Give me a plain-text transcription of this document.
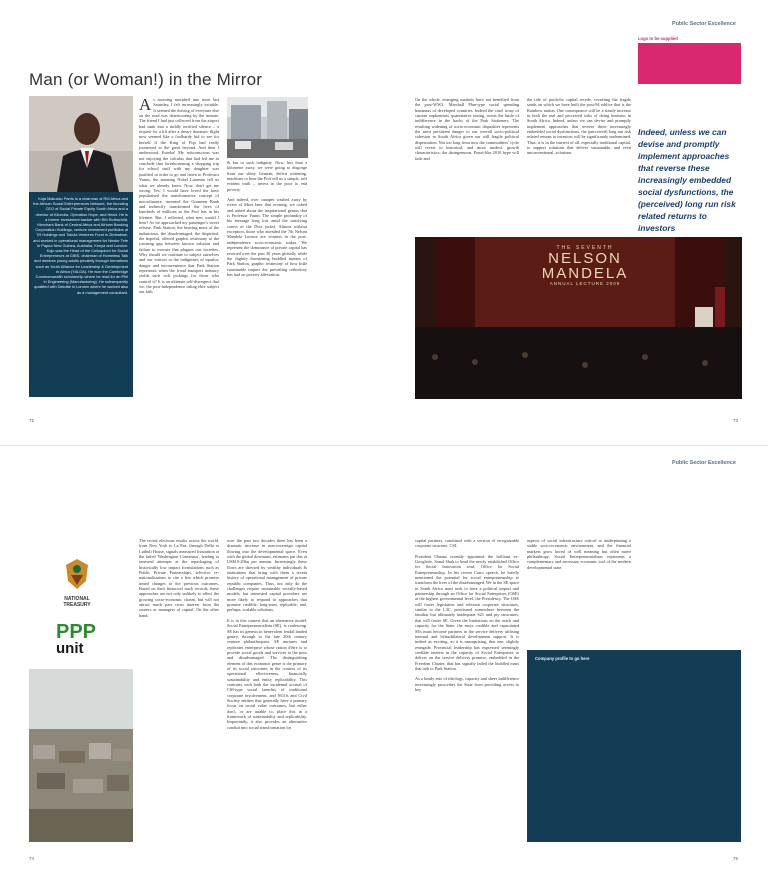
Public Sector Excellence
Logo to be supplied
Man (or Woman!) in the Mirror
Koja Makusko Parris is a chairman of RM Africa and the African Social Entrepreneurs Network, the founding CEO of Social Private Equity South Africa and a director of Kilumba, Operation Hope, and Heart. He is a former investment banker with RM Rothschild, Merchant Bank of Central Africa and African Banking Corporation Holdings, venture investment portfolios at TH Holdings and Tokula Ventures Fund in Zimbabwe, and worked in operational management for Nestor Tete in Papua New Guinea, Australia, Kenya and London. Kojo was the Head of the Colloquium for Social Entrepreneurs at GIBS, chairman of Homeless Talk and mentors young adults privately through formations such as Youth Alliance for Leadership & Development in Africa (YALDA). He won the Cambridge Commonwealth scholarship where he read for an Phil in Engineering (Manufacturing). He subsequently qualified with Deloitte in London where he worked also as a management consultant.
A s morning morphed into noon last Saturday, I felt increasingly irritable. It seemed the driving of everyone else on the road was deteriorating by the minute. The friend I had just collected from the airport had sunk into a mildly terrified silence – a request for a lift after a dreary domestic flight now seemed like a foolhardy bid to see for herself if the King of Pop had really journeyed to the great beyond. And then I understood, Eureka! My subconscious was not enjoying the calculus that had led me to conclude that foreshortening a shopping trip for school stuff with my daughter was justified in order to go and listen to Professor Yunus, the amazing Nobel Laureate tell us what we already know. Now, don't get me wrong. Yes, I would have loved the have popularised the transformative concept of microfinance, invented the Grameen Bank and indirectly transformed the lives of hundreds of millions as the Prof has in his lifetime. But, I reflected, what new would I hear? As we approached my passenger's sweet release, Park Station, the heaving mass of the industrious, the disadvantaged, the dispirited, the hopeful, offered graphic testimony to the yawning gap between known solution and failure to execute that plagues our societies. Why should we continue to subject ourselves and our visitors to the indignities of squalor, danger and inconvenience that Park Station represents when the (road transport industry yields such rich pickings for those who control it? It is an ultimate self-disrespect that we, the post-independence ruling elite subject our kith

& kin to such indignity. Now, less than a kilometre away, we were going to disgorge from our shiny German, deficit widening, machines to hear the Prof tell us a simple, self evident truth – invest in the poor to end poverty.

And indeed, over canapés washed away by rivers of Moet later that evening, we oohed and aahed about the inspirational genius that is Professor Yunus. The simple profundity of his message long lost amid the satisfying caress of the Dior jacket. Almost without exception, those who attended the 7th Nelson Mandela Lecture are winners in the post-independence socio-economic stakes. We represent the dominance of private capital has resorted over the past 30 years globally while the slightly threatening huddled masses of Park Station, graphic testimony of how little sustainable impact the prevailing orthodoxy has had on poverty alleviation.

On the whole, emerging markets have not benefited from the post-WW2, Marshall Plan-type social spending bonanzas of developed countries. Indeed the cruel irony of current euphemism, quantitative easing, twists the knife of indifference in the backs of the Park Stationers. The resulting widening of socio-economic disparities represents the most persistent danger to our overall socio-political cohesion in South Africa given our still fragile political dispensation. Not too long from now the commodities' cycle will revert to historical, and more modest, growth characteristics; the disingenuous, Ponzi-like 2010 hype will fade and

the tide of portfolio capital recede, revealing the fragile sands on which we have built the post-94 edifice that is the Rainbow nation. One consequence will be a steady increase in both the real and perceived risks of doing business in South Africa. Indeed, unless we can devise and promptly implement approaches that reverse these increasingly embedded social dysfunctions, the (perceived) long run risk related returns to investors will be significantly undermined. Thus, it is in the interest of all, especially traditional capital, to support solutions that deliver sustainable, and even unconventional, solutions.

Indeed, unless we can devise and promptly implement approaches that reverse these increasingly embedded social dysfunctions, the (perceived) long run risk related returns to investors
THE SEVENTH
NELSON
MANDELA
ANNUAL LECTURE 2009
72	73
Public Sector Excellence
NATIONAL
TREASURY
PPP
unit

The recent elections results across the world, from New York to La Paz, through Delhi to Luthuli House, signals measured frustration at the failed 'Washington Consensus', leading to renewed attempts at the repackaging of historically low impact formulations such as Public Private Partnerships, selective re-nationalisations to cite a few which promise timed changes to the previous outcomes. Based on their historical track records, these approaches are not only unlikely to affect the growing socio-economic chasm, but will not attract much past cross interest from the owners or managers of capital. On the other hand,

over the past two decades there has been a dramatic increase in non-sovereign capital flowing into the developmental space. Even with the global downturn, estimates put this at US$10-20bn per annum. Increasingly these flows are directed by wealthy individuals & institutions that bring with them a recent history of operational management of private republic companies. Thus, not only do the challenges require sustainable socially-based models, but interested capital providers are more likely to respond to approaches that promise credible, long-term, replicable, and, perhaps, scalable solutions.

It is in this context that an alternative model, Social Entrepreneurialism (SE), is coalescing. SE has its genesis in benevolent feudal landed gentry, through to the late 20th century venture philanthropists. SE nurtures and replicates enterprise whose raison d'être is to provide social goods and services to the poor and disadvantaged. The distinguishing element of this economic genre is the primacy of its social outcomes in the context of its operational effectiveness, financially sustainability and entity replicability. This contrasts with both the incidental accrual of CSI-type social benefits of traditional corporate involvement, and NGOs and Civil Society entities that generally have a primary focus on social value outcomes, but either don't, or are unable to, place this in a framework of sustainability and replicability. Importantly, it also provides an alternative conduit into social transformation for

capital partners, combined with a version of recognizable corporate structure, CSI.

President Obama recently appointed the brilliant ex-Googlette, Sonal Shah to head the newly established Office for Social Innovation read, Office for Social Entrepreneurship. In his recent Cairo speech, he briefly mentioned the potential for social entrepreneurship to transform the lives of the disadvantaged. We in the SE space in South Africa must seek to have a political impact and partnership through an Office for Social Enterprises (OSE) at the highest governmental level, the Presidency. The OSE will foster legislation and relevant corporate structures, similar to the L3C, positioned somewhere between the familiar but ultimately inadequate S21 and pty structures, that will foster SE. Given the limitations on the reach and capacity for the State, the more credible and capacitated SEs must become partners in the service delivery utilising internal and bi/multilateral development support. It is indeed as exciting, as it is unsurprising, that one, slightly renegade, Provincial leadership has expressed seemingly credible interest in the capacity of Social Enterprises to deliver on the service delivery promise, embedded in the Freedom Charter, that has signally failed the huddled mass that trek to Park Station.

As a heady mix of ideology, capacity and sheer indifference increasingly proscribes the State from providing access to key

aspects of social infrastructure critical to underpinning a stable socio-economic environment, and the financial markets grow bored of well meaning but often naive philanthropy, Social Entrepreneurialism represents a complementary and necessary economic tool of the modern developmental state.

Company profile to go here
74	75
